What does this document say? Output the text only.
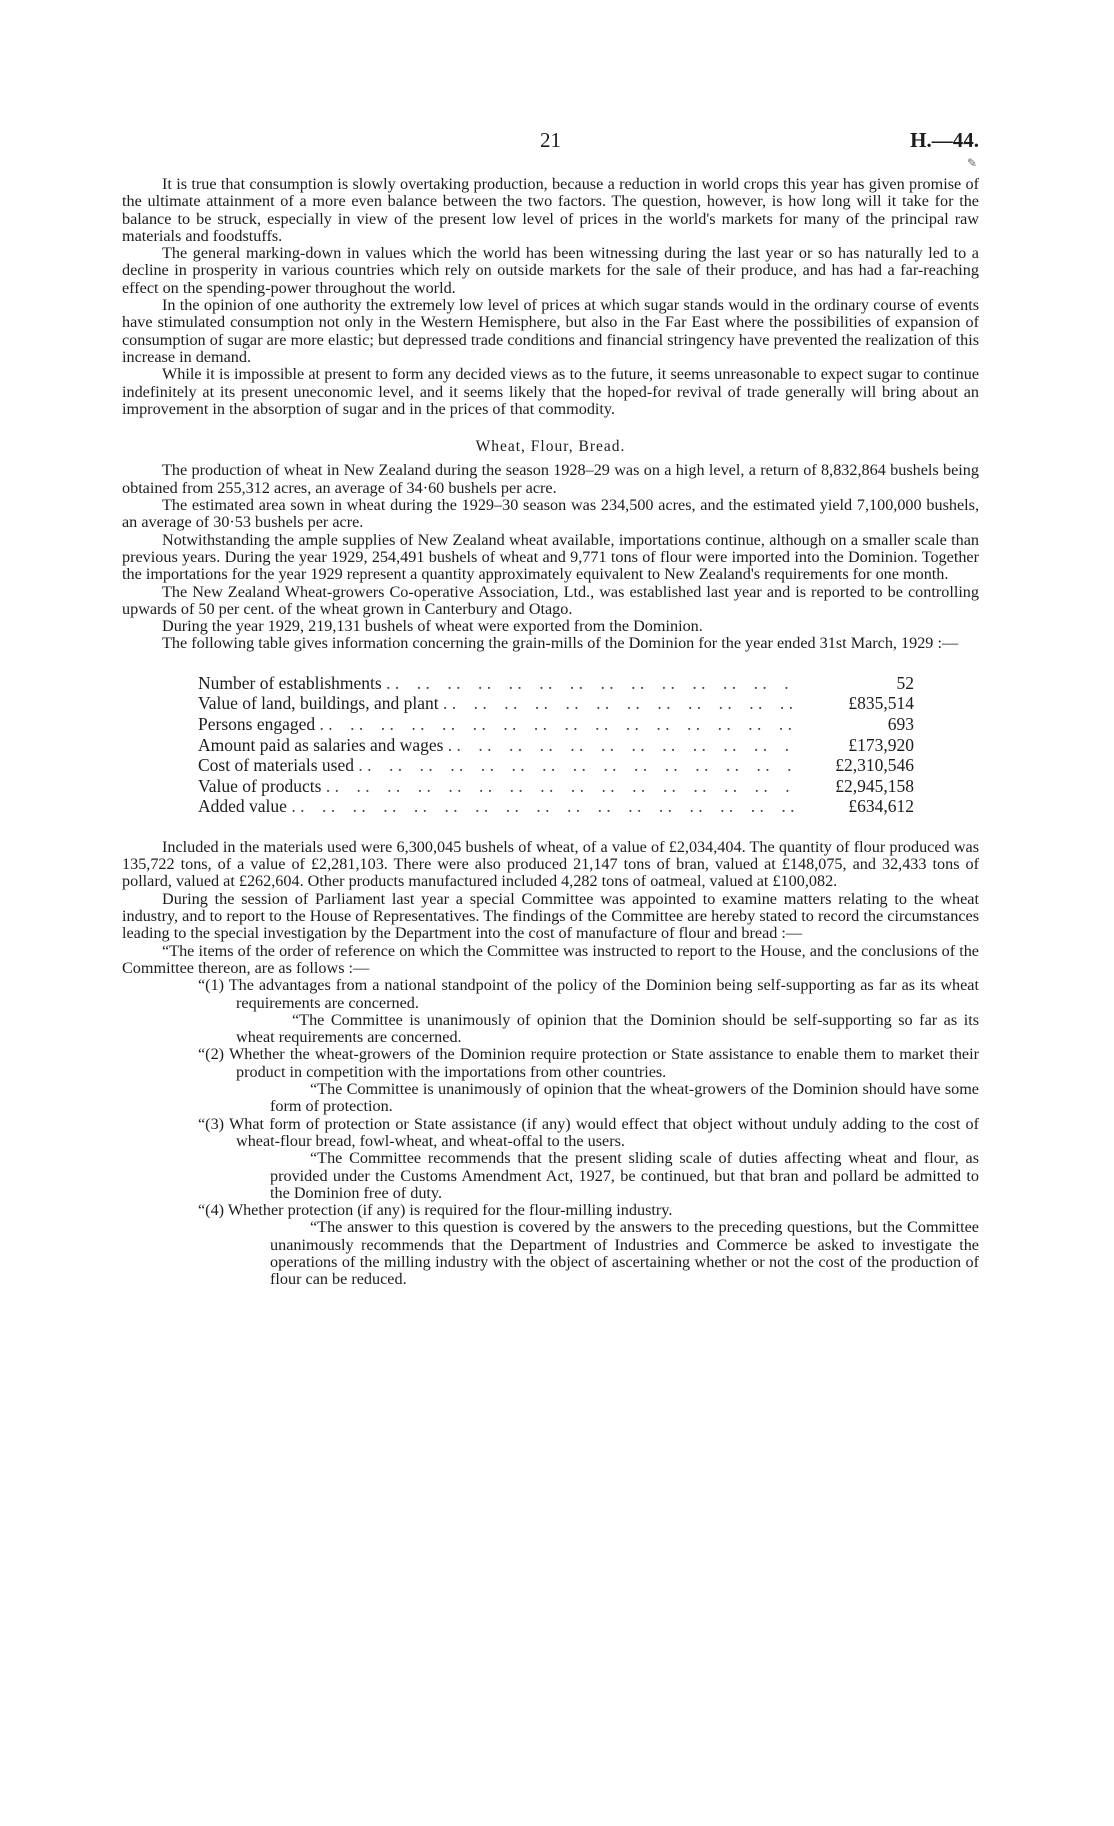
21	H.—44.
✎

It is true that consumption is slowly overtaking production, because a reduction in world crops this year has given promise of the ultimate attainment of a more even balance between the two factors. The question, however, is how long will it take for the balance to be struck, especially in view of the present low level of prices in the world's markets for many of the principal raw materials and foodstuffs.

The general marking-down in values which the world has been witnessing during the last year or so has naturally led to a decline in prosperity in various countries which rely on outside markets for the sale of their produce, and has had a far-reaching effect on the spending-power throughout the world.

In the opinion of one authority the extremely low level of prices at which sugar stands would in the ordinary course of events have stimulated consumption not only in the Western Hemisphere, but also in the Far East where the possibilities of expansion of consumption of sugar are more elastic; but depressed trade conditions and financial stringency have prevented the realization of this increase in demand.

While it is impossible at present to form any decided views as to the future, it seems unreasonable to expect sugar to continue indefinitely at its present uneconomic level, and it seems likely that the hoped-for revival of trade generally will bring about an improvement in the absorption of sugar and in the prices of that commodity.

Wheat, Flour, Bread.

The production of wheat in New Zealand during the season 1928–29 was on a high level, a return of 8,832,864 bushels being obtained from 255,312 acres, an average of 34·60 bushels per acre.

The estimated area sown in wheat during the 1929–30 season was 234,500 acres, and the estimated yield 7,100,000 bushels, an average of 30·53 bushels per acre.

Notwithstanding the ample supplies of New Zealand wheat available, importations continue, although on a smaller scale than previous years. During the year 1929, 254,491 bushels of wheat and 9,771 tons of flour were imported into the Dominion. Together the importations for the year 1929 represent a quantity approximately equivalent to New Zealand's requirements for one month.

The New Zealand Wheat-growers Co-operative Association, Ltd., was established last year and is reported to be controlling upwards of 50 per cent. of the wheat grown in Canterbury and Otago.

During the year 1929, 219,131 bushels of wheat were exported from the Dominion.

The following table gives information concerning the grain-mills of the Dominion for the year ended 31st March, 1929 :—

Number of establishments . .	52
Value of land, buildings, and plant . .	£835,514
Persons engaged . .	693
Amount paid as salaries and wages . .	£173,920
Cost of materials used . .	£2,310,546
Value of products . .	£2,945,158
Added value . .	£634,612

Included in the materials used were 6,300,045 bushels of wheat, of a value of £2,034,404. The quantity of flour produced was 135,722 tons, of a value of £2,281,103. There were also produced 21,147 tons of bran, valued at £148,075, and 32,433 tons of pollard, valued at £262,604. Other products manufactured included 4,282 tons of oatmeal, valued at £100,082.

During the session of Parliament last year a special Committee was appointed to examine matters relating to the wheat industry, and to report to the House of Representatives. The findings of the Committee are hereby stated to record the circumstances leading to the special investigation by the Department into the cost of manufacture of flour and bread :—

“The items of the order of reference on which the Committee was instructed to report to the House, and the conclusions of the Committee thereon, are as follows :—

“(1) The advantages from a national standpoint of the policy of the Dominion being self-supporting as far as its wheat requirements are concerned.

“The Committee is unanimously of opinion that the Dominion should be self-supporting so far as its wheat requirements are concerned.

“(2) Whether the wheat-growers of the Dominion require protection or State assistance to enable them to market their product in competition with the importations from other countries.

“The Committee is unanimously of opinion that the wheat-growers of the Dominion should have some form of protection.

“(3) What form of protection or State assistance (if any) would effect that object without unduly adding to the cost of wheat-flour bread, fowl-wheat, and wheat-offal to the users.

“The Committee recommends that the present sliding scale of duties affecting wheat and flour, as provided under the Customs Amendment Act, 1927, be continued, but that bran and pollard be admitted to the Dominion free of duty.

“(4) Whether protection (if any) is required for the flour-milling industry.

“The answer to this question is covered by the answers to the preceding questions, but the Committee unanimously recommends that the Department of Industries and Commerce be asked to investigate the operations of the milling industry with the object of ascertaining whether or not the cost of the production of flour can be reduced.
